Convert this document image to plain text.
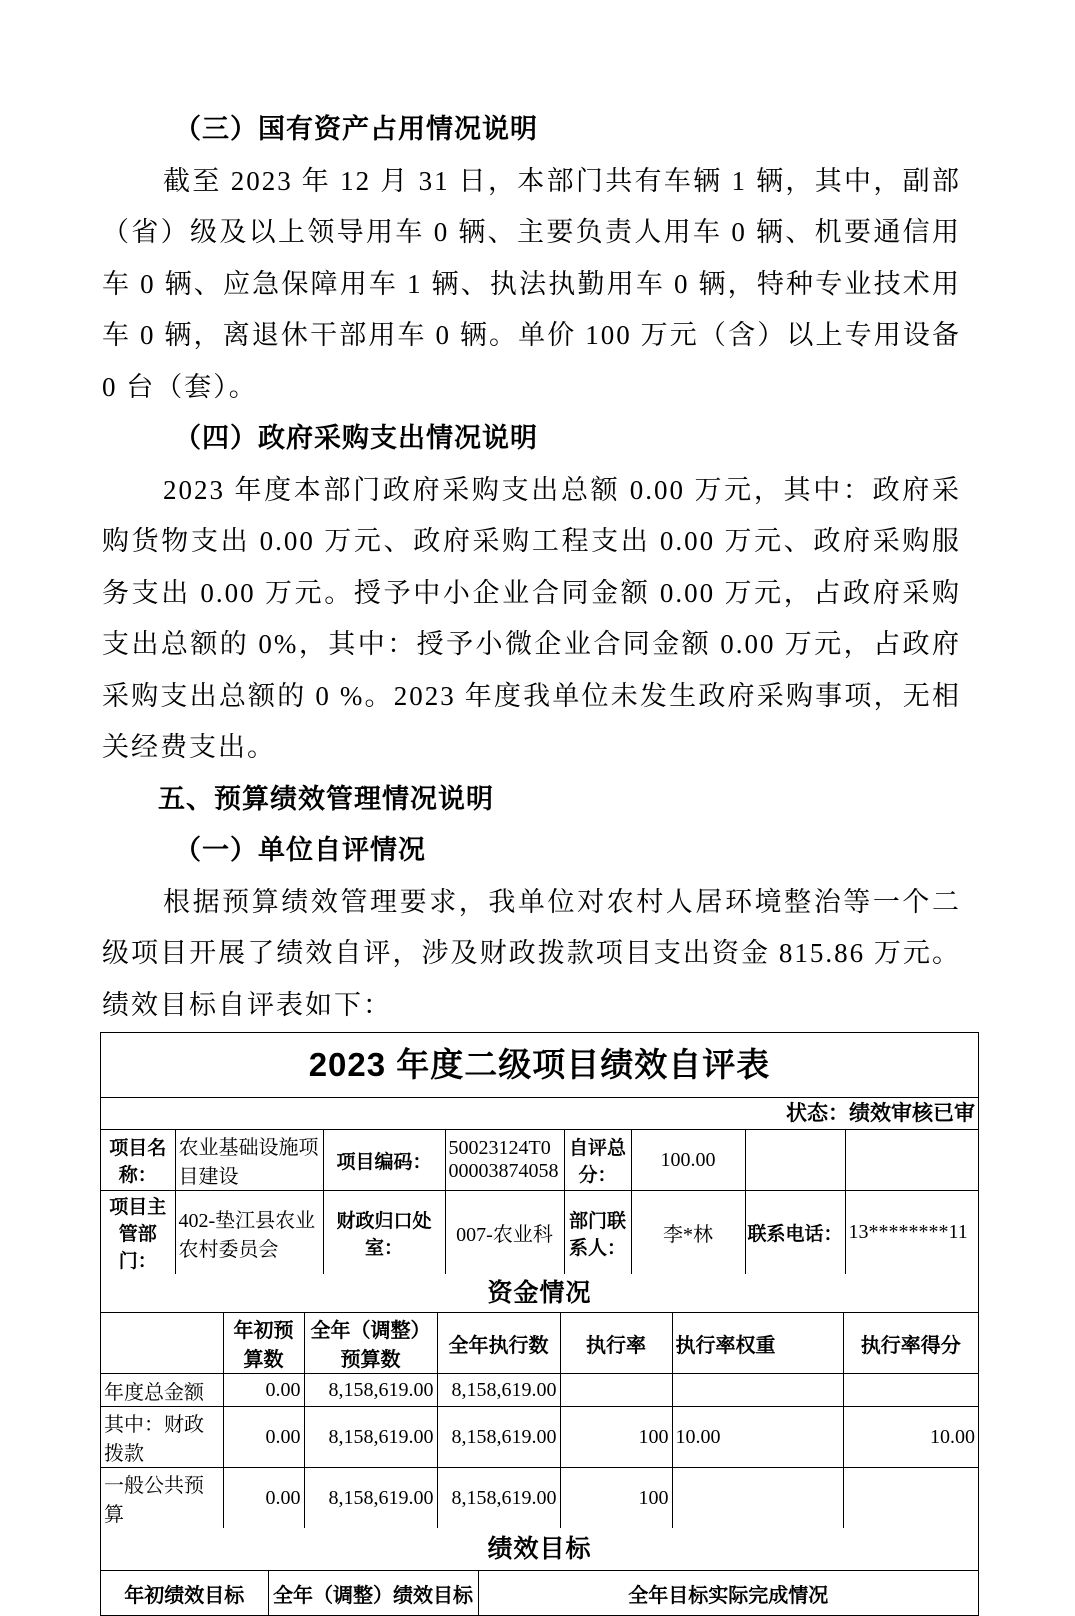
（三）国有资产占用情况说明

截至 2023 年 12 月 31 日，本部门共有车辆 1 辆，其中，副部（省）级及以上领导用车 0 辆、主要负责人用车 0 辆、机要通信用车 0 辆、应急保障用车 1 辆、执法执勤用车 0 辆，特种专业技术用车 0 辆，离退休干部用车 0 辆。单价 100 万元（含）以上专用设备 0 台（套）。

（四）政府采购支出情况说明

2023 年度本部门政府采购支出总额 0.00 万元，其中：政府采购货物支出 0.00 万元、政府采购工程支出 0.00 万元、政府采购服务支出 0.00 万元。授予中小企业合同金额 0.00 万元，占政府采购支出总额的 0%，其中：授予小微企业合同金额 0.00 万元，占政府采购支出总额的 0 %。2023 年度我单位未发生政府采购事项，无相关经费支出。

五、预算绩效管理情况说明

（一）单位自评情况

根据预算绩效管理要求，我单位对农村人居环境整治等一个二级项目开展了绩效自评，涉及财政拨款项目支出资金 815.86 万元。绩效目标自评表如下：

2023 年度二级项目绩效自评表
状态：绩效审核已审
项目名称：	农业基础设施项目建设	项目编码：	50023124T000003874058	自评总分：	100.00		
项目主管部门：	402-垫江县农业农村委员会	财政归口处室：	007-农业科	部门联系人：	李*林	联系电话：	13********11
资金情况
	年初预算数	全年（调整）预算数	全年执行数	执行率	执行率权重	执行率得分
年度总金额	0.00	8,158,619.00	8,158,619.00			
其中：财政拨款	0.00	8,158,619.00	8,158,619.00	100	10.00	10.00
一般公共预算	0.00	8,158,619.00	8,158,619.00	100		
绩效目标
年初绩效目标	全年（调整）绩效目标	全年目标实际完成情况
